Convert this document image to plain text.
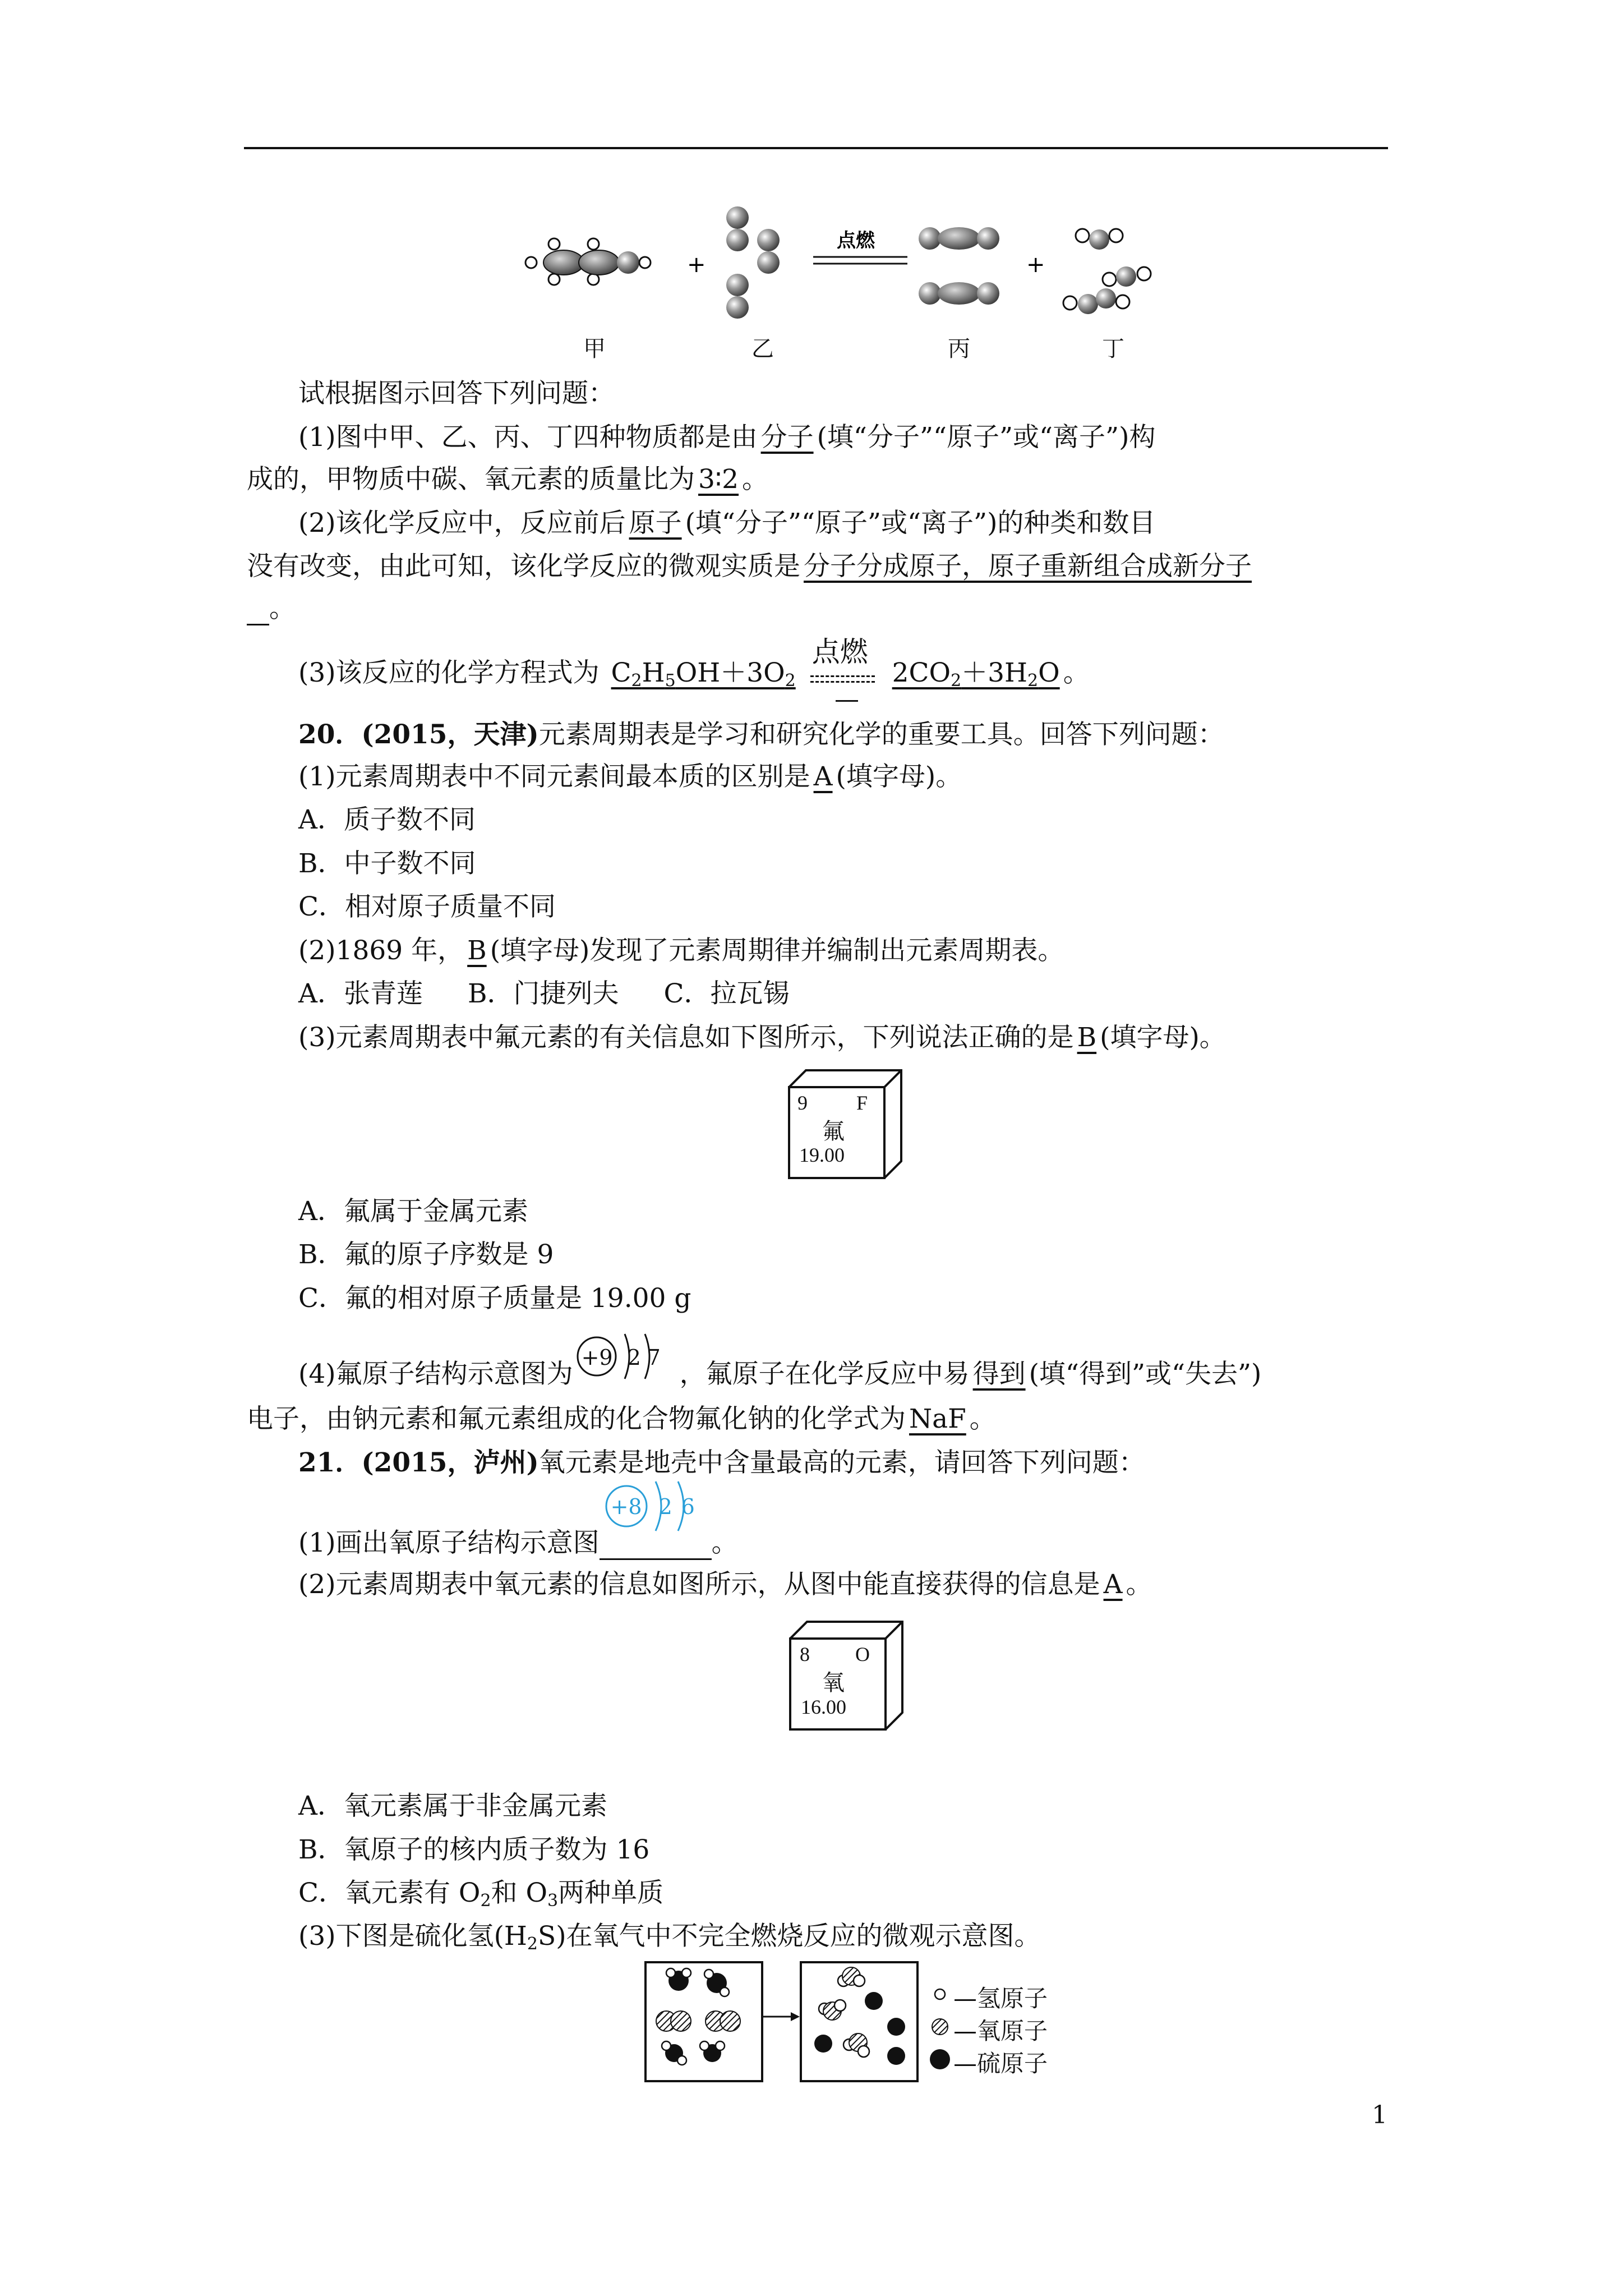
+
点燃
+
甲	乙	丙	丁
试根据图示回答下列问题：
(1)图中甲、乙、丙、丁四种物质都是由 分子 (填“分子”“原子”或“离子”)构
成的，甲物质中碳、氧元素的质量比为 3∶2 。
(2)该化学反应中，反应前后 原子 (填“分子”“原子”或“离子”)的种类和数目
没有改变，由此可知，该化学反应的微观实质是 分子分成原子，原子重新组合成新分子
。
(3)该反应的化学方程式为 $C_2H_5OH+3O_2$
点燃
$2CO_2+3H_2O$ 。
20．(2015，天津)元素周期表是学习和研究化学的重要工具。回答下列问题：
(1)元素周期表中不同元素间最本质的区别是 A (填字母)。
A．质子数不同
B．中子数不同
C．相对原子质量不同
(2)1869 年， B (填字母)发现了元素周期律并编制出元素周期表。
A．张青莲 B．门捷列夫 C．拉瓦锡
(3)元素周期表中氟元素的有关信息如下图所示，下列说法正确的是 B (填字母)。
9 F
氟
19.00
A．氟属于金属元素
B．氟的原子序数是 9
C．氟的相对原子质量是 19.00 g
(4)氟原子结构示意图为
+9 2 7
，氟原子在化学反应中易 得到 (填“得到”或“失去”)
电子，由钠元素和氟元素组成的化合物氟化钠的化学式为 NaF 。
21．(2015，泸州)氧元素是地壳中含量最高的元素，请回答下列问题：
(1)画出氧原子结构示意图
+8 2 6
。
(2)元素周期表中氧元素的信息如图所示，从图中能直接获得的信息是 A 。
8 O
氧
16.00
A．氧元素属于非金属元素
B．氧原子的核内质子数为 16
C．氧元素有 $O_2$和 $O_3$两种单质
(3)下图是硫化氢$(H_2S)$在氧气中不完全燃烧反应的微观示意图。
—氢原子
—氧原子
—硫原子
1
